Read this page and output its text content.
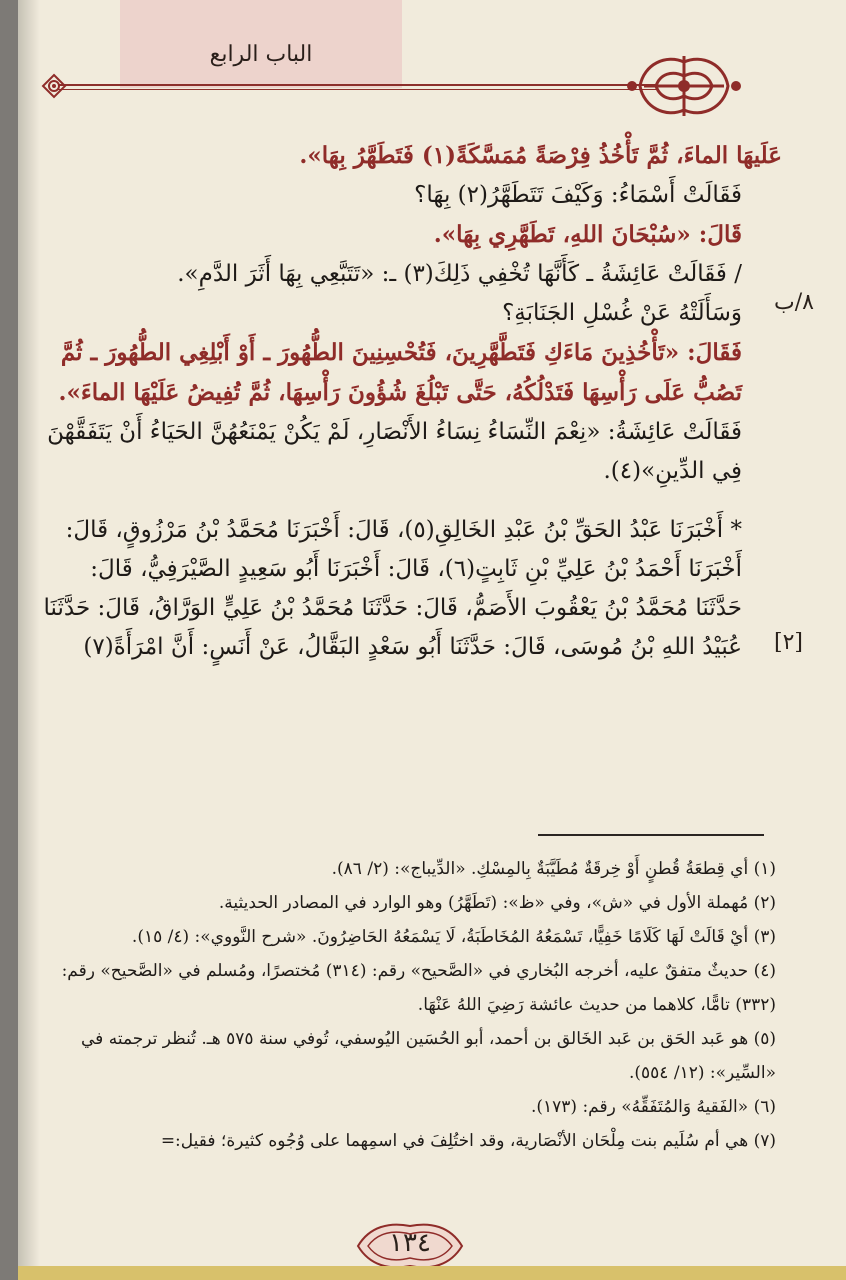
الباب الرابع

عَلَيهَا الماءَ، ثُمَّ تَأْخُذُ فِرْصَةً مُمَسَّكَةً(١) فَتَطَهَّرُ بِهَا».

فَقَالَتْ أَسْمَاءُ: وَكَيْفَ تَتَطَهَّرُ(٢) بِهَا؟

قَالَ: «سُبْحَانَ اللهِ، تَطَهَّرِي بِهَا».

/ فَقَالَتْ عَائِشَةُ ـ كَأَنَّهَا تُخْفِي ذَلِكَ(٣) ـ: «تَتَبَّعِي بِهَا أَثَرَ الدَّمِ».

وَسَأَلَتْهُ عَنْ غُسْلِ الجَنَابَةِ؟

فَقَالَ: «تَأْخُذِينَ مَاءَكِ فَتَطَّهَّرِينَ، فَتُحْسِنِينَ الطُّهُورَ ـ أَوْ أَبْلِغِي الطُّهُورَ ـ ثُمَّ تَصُبُّ عَلَى رَأْسِهَا فَتَدْلُكُهُ، حَتَّى تَبْلُغَ شُؤُونَ رَأْسِهَا، ثُمَّ تُفِيضُ عَلَيْهَا الماءَ».

فَقَالَتْ عَائِشَةُ: «نِعْمَ النِّسَاءُ نِسَاءُ الأَنْصَارِ، لَمْ يَكُنْ يَمْنَعُهُنَّ الحَيَاءُ أَنْ يَتَفَقَّهْنَ فِي الدِّينِ»(٤).

* أَخْبَرَنَا عَبْدُ الحَقِّ بْنُ عَبْدِ الخَالِقِ(٥)، قَالَ: أَخْبَرَنَا مُحَمَّدُ بْنُ مَرْزُوقٍ، قَالَ: أَخْبَرَنَا أَحْمَدُ بْنُ عَلِيِّ بْنِ ثَابِتٍ(٦)، قَالَ: أَخْبَرَنَا أَبُو سَعِيدٍ الصَّيْرَفِيُّ، قَالَ: حَدَّثَنَا مُحَمَّدُ بْنُ يَعْقُوبَ الأَصَمُّ، قَالَ: حَدَّثَنَا مُحَمَّدُ بْنُ عَلِيٍّ الوَرَّاقُ، قَالَ: حَدَّثَنَا عُبَيْدُ اللهِ بْنُ مُوسَى، قَالَ: حَدَّثَنَا أَبُو سَعْدٍ البَقَّالُ، عَنْ أَنَسٍ: أَنَّ امْرَأَةً(٧)

٨/ب
[٢]

(١) أي قِطعَةُ قُطنٍ أَوْ خِرقَةٌ مُطَيَّبَةٌ بِالمِسْكِ. «الدِّيباج»: (٢/ ٨٦).

(٢) مُهملة الأول في «ش»، وفي «ظ»: (تَطَهَّرُ) وهو الوارد في المصادر الحديثية.

(٣) أيْ قَالَتْ لَهَا كَلَامًا خَفِيًّا، تَسْمَعُهُ المُخَاطَبَةُ، لَا يَسْمَعُهُ الحَاضِرُونَ. «شرح النَّووي»: (٤/ ١٥).

(٤) حديثٌ متفقٌ عليه، أخرجه البُخاري في «الصَّحيح» رقم: (٣١٤) مُختصرًا، ومُسلم في «الصَّحيح» رقم: (٣٣٢) تامًّا، كلاهما من حديث عائشة رَضِيَ اللهُ عَنْهَا.

(٥) هو عَبد الحَق بن عَبد الخَالق بن أحمد، أبو الحُسَين اليُوسفي، تُوفي سنة ٥٧٥ هـ. تُنظر ترجمته في «السِّير»: (١٢/ ٥٥٤).

(٦) «الفَقيهُ وَالمُتَفَقِّهُ» رقم: (١٧٣).

(٧) هي أم سُلَيم بنت مِلْحَان الأنْصَارية، وقد اختُلِفَ في اسمِهما على وُجُوه كثيرة؛ فقيل:=

١٣٤
